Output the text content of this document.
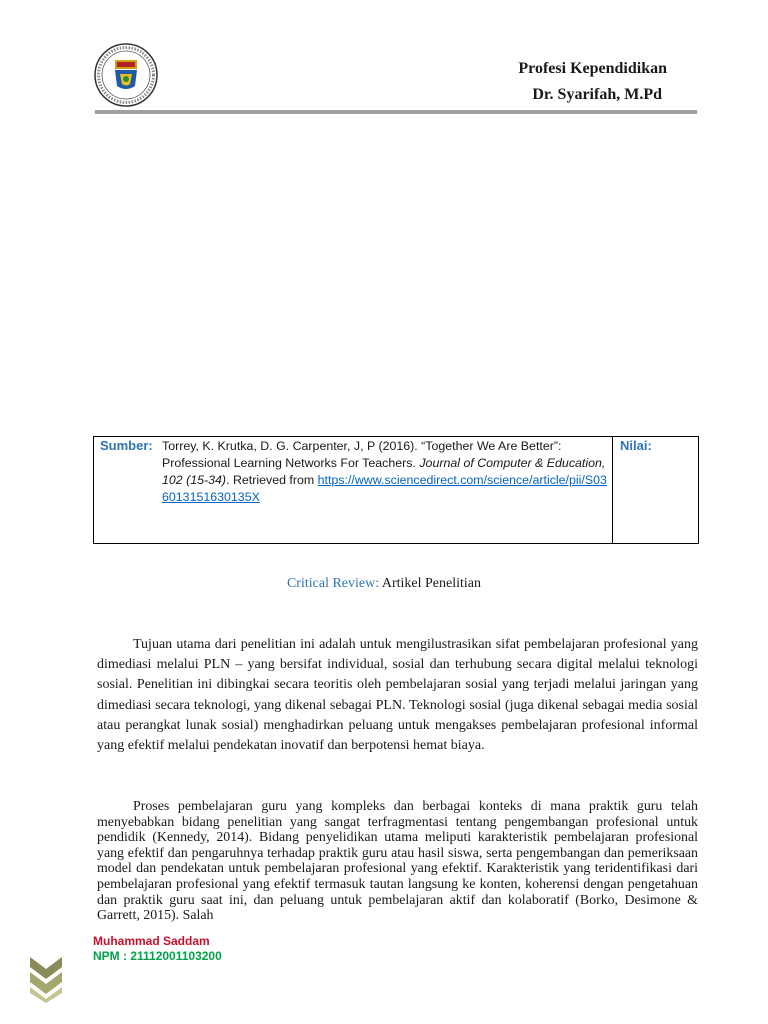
Profesi Kependidikan
Dr. Syarifah, M.Pd
Sumber: Torrey, K. Krutka, D. G. Carpenter, J, P (2016). “Together We Are Better”: Professional Learning Networks For Teachers. Journal of Computer & Education, 102 (15-34). Retrieved from https://www.sciencedirect.com/science/article/pii/S036013151630135X
Nilai:
Critical Review: Artikel Penelitian

Tujuan utama dari penelitian ini adalah untuk mengilustrasikan sifat pembelajaran profesional yang dimediasi melalui PLN – yang bersifat individual, sosial dan terhubung secara digital melalui teknologi sosial. Penelitian ini dibingkai secara teoritis oleh pembelajaran sosial yang terjadi melalui jaringan yang dimediasi secara teknologi, yang dikenal sebagai PLN. Teknologi sosial (juga dikenal sebagai media sosial atau perangkat lunak sosial) menghadirkan peluang untuk mengakses pembelajaran profesional informal yang efektif melalui pendekatan inovatif dan berpotensi hemat biaya.

Proses pembelajaran guru yang kompleks dan berbagai konteks di mana praktik guru telah menyebabkan bidang penelitian yang sangat terfragmentasi tentang pengembangan profesional untuk pendidik (Kennedy, 2014). Bidang penyelidikan utama meliputi karakteristik pembelajaran profesional yang efektif dan pengaruhnya terhadap praktik guru atau hasil siswa, serta pengembangan dan pemeriksaan model dan pendekatan untuk pembelajaran profesional yang efektif. Karakteristik yang teridentifikasi dari pembelajaran profesional yang efektif termasuk tautan langsung ke konten, koherensi dengan pengetahuan dan praktik guru saat ini, dan peluang untuk pembelajaran aktif dan kolaboratif (Borko, Desimone & Garrett, 2015). Salah

Muhammad Saddam
NPM : 21112001103200
